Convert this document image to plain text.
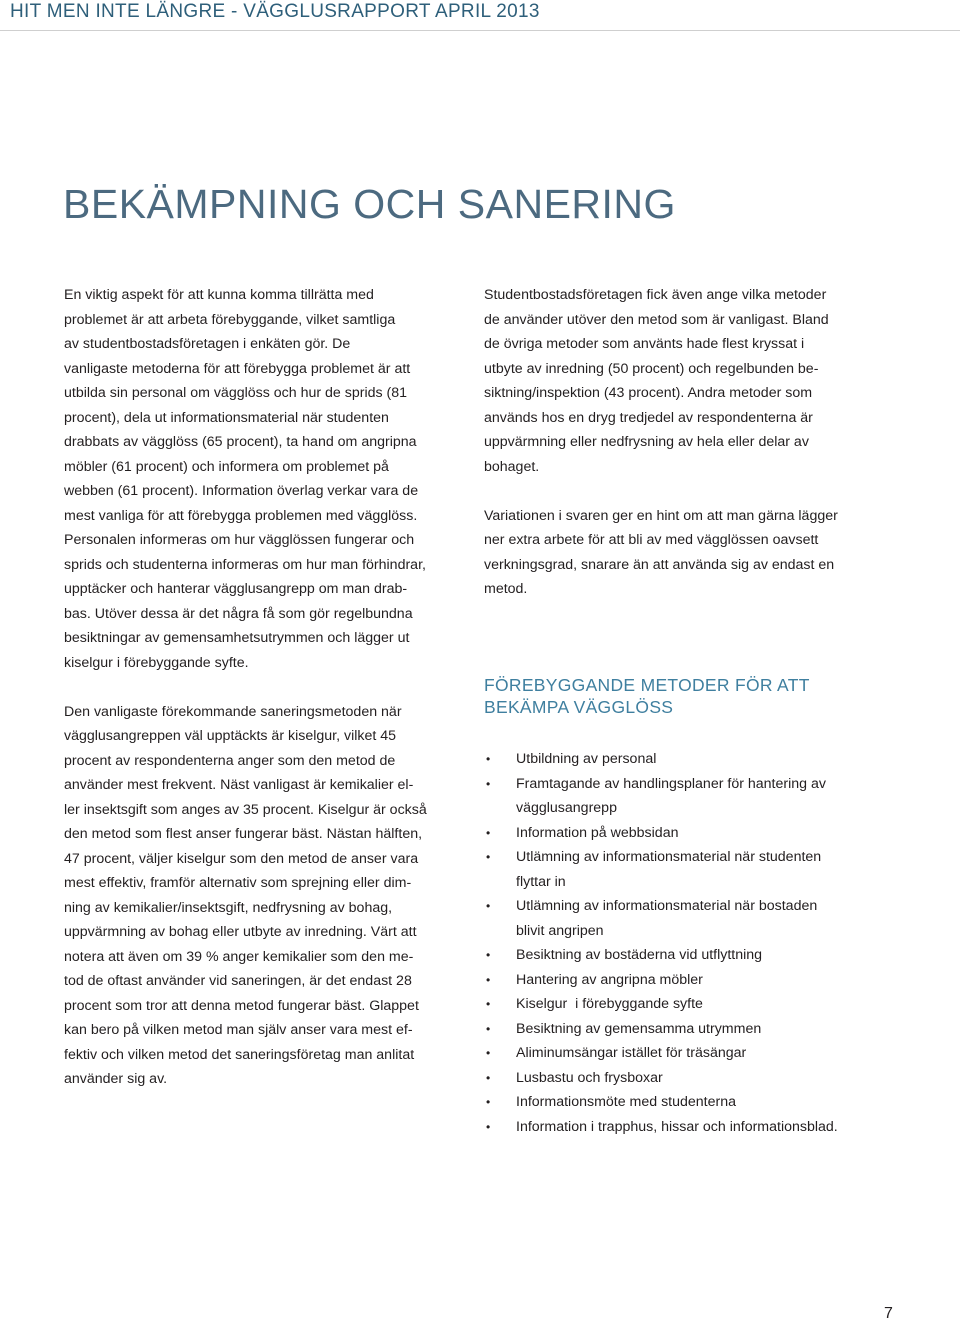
HIT MEN INTE LÄNGRE - VÄGGLUSRAPPORT APRIL 2013
BEKÄMPNING OCH SANERING
En viktig aspekt för att kunna komma tillrätta med
problemet är att arbeta förebyggande, vilket samtliga
av studentbostadsföretagen i enkäten gör. De
vanligaste metoderna för att förebygga problemet är att
utbilda sin personal om vägglöss och hur de sprids (81
procent), dela ut informationsmaterial när studenten
drabbats av vägglöss (65 procent), ta hand om angripna
möbler (61 procent) och informera om problemet på
webben (61 procent). Information överlag verkar vara de
mest vanliga för att förebygga problemen med vägglöss.
Personalen informeras om hur vägglössen fungerar och
sprids och studenterna informeras om hur man förhindrar,
upptäcker och hanterar vägglusangrepp om man drab-
bas. Utöver dessa är det några få som gör regelbundna
besiktningar av gemensamhetsutrymmen och lägger ut
kiselgur i förebyggande syfte.
Den vanligaste förekommande saneringsmetoden när
vägglusangreppen väl upptäckts är kiselgur, vilket 45
procent av respondenterna anger som den metod de
använder mest frekvent. Näst vanligast är kemikalier el-
ler insektsgift som anges av 35 procent. Kiselgur är också
den metod som flest anser fungerar bäst. Nästan hälften,
47 procent, väljer kiselgur som den metod de anser vara
mest effektiv, framför alternativ som sprejning eller dim-
ning av kemikalier/insektsgift, nedfrysning av bohag,
uppvärmning av bohag eller utbyte av inredning. Värt att
notera att även om 39 % anger kemikalier som den me-
tod de oftast använder vid saneringen, är det endast 28
procent som tror att denna metod fungerar bäst. Glappet
kan bero på vilken metod man själv anser vara mest ef-
fektiv och vilken metod det saneringsföretag man anlitat
använder sig av.
Studentbostadsföretagen fick även ange vilka metoder
de använder utöver den metod som är vanligast. Bland
de övriga metoder som använts hade flest kryssat i
utbyte av inredning (50 procent) och regelbunden be-
siktning/inspektion (43 procent). Andra metoder som
används hos en dryg tredjedel av respondenterna är
uppvärmning eller nedfrysning av hela eller delar av
bohaget.
Variationen i svaren ger en hint om att man gärna lägger
ner extra arbete för att bli av med vägglössen oavsett
verkningsgrad, snarare än att använda sig av endast en
metod.
FÖREBYGGANDE METODER FÖR ATT
BEKÄMPA VÄGGLÖSS
• Utbildning av personal
• Framtagande av handlingsplaner för hantering av
vägglusangrepp
• Information på webbsidan
• Utlämning av informationsmaterial när studenten
flyttar in
• Utlämning av informationsmaterial när bostaden
blivit angripen
• Besiktning av bostäderna vid utflyttning
• Hantering av angripna möbler
• Kiselgur  i förebyggande syfte
• Besiktning av gemensamma utrymmen
• Aliminumsängar istället för träsängar
• Lusbastu och frysboxar
• Informationsmöte med studenterna
• Information i trapphus, hissar och informationsblad.
7
